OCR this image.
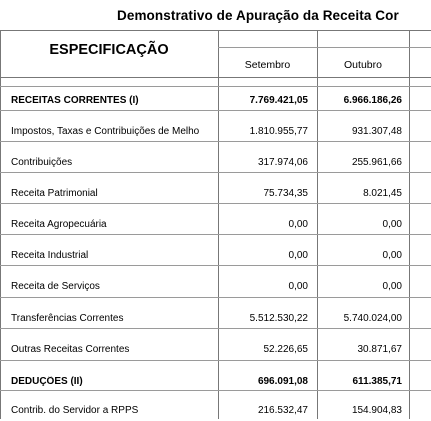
Demonstrativo de Apuração da Receita Cor
ESPECIFICAÇÃO
Setembro	Outubro
RECEITAS CORRENTES (I)	7.769.421,05	6.966.186,26
Impostos, Taxas e Contribuições de Melho	1.810.955,77	931.307,48
Contribuições	317.974,06	255.961,66
Receita Patrimonial	75.734,35	8.021,45
Receita Agropecuária	0,00	0,00
Receita Industrial	0,00	0,00
Receita de Serviços	0,00	0,00
Transferências Correntes	5.512.530,22	5.740.024,00
Outras Receitas Correntes	52.226,65	30.871,67
DEDUÇÕES (II)	696.091,08	611.385,71
Contrib. do Servidor a RPPS	216.532,47	154.904,83
